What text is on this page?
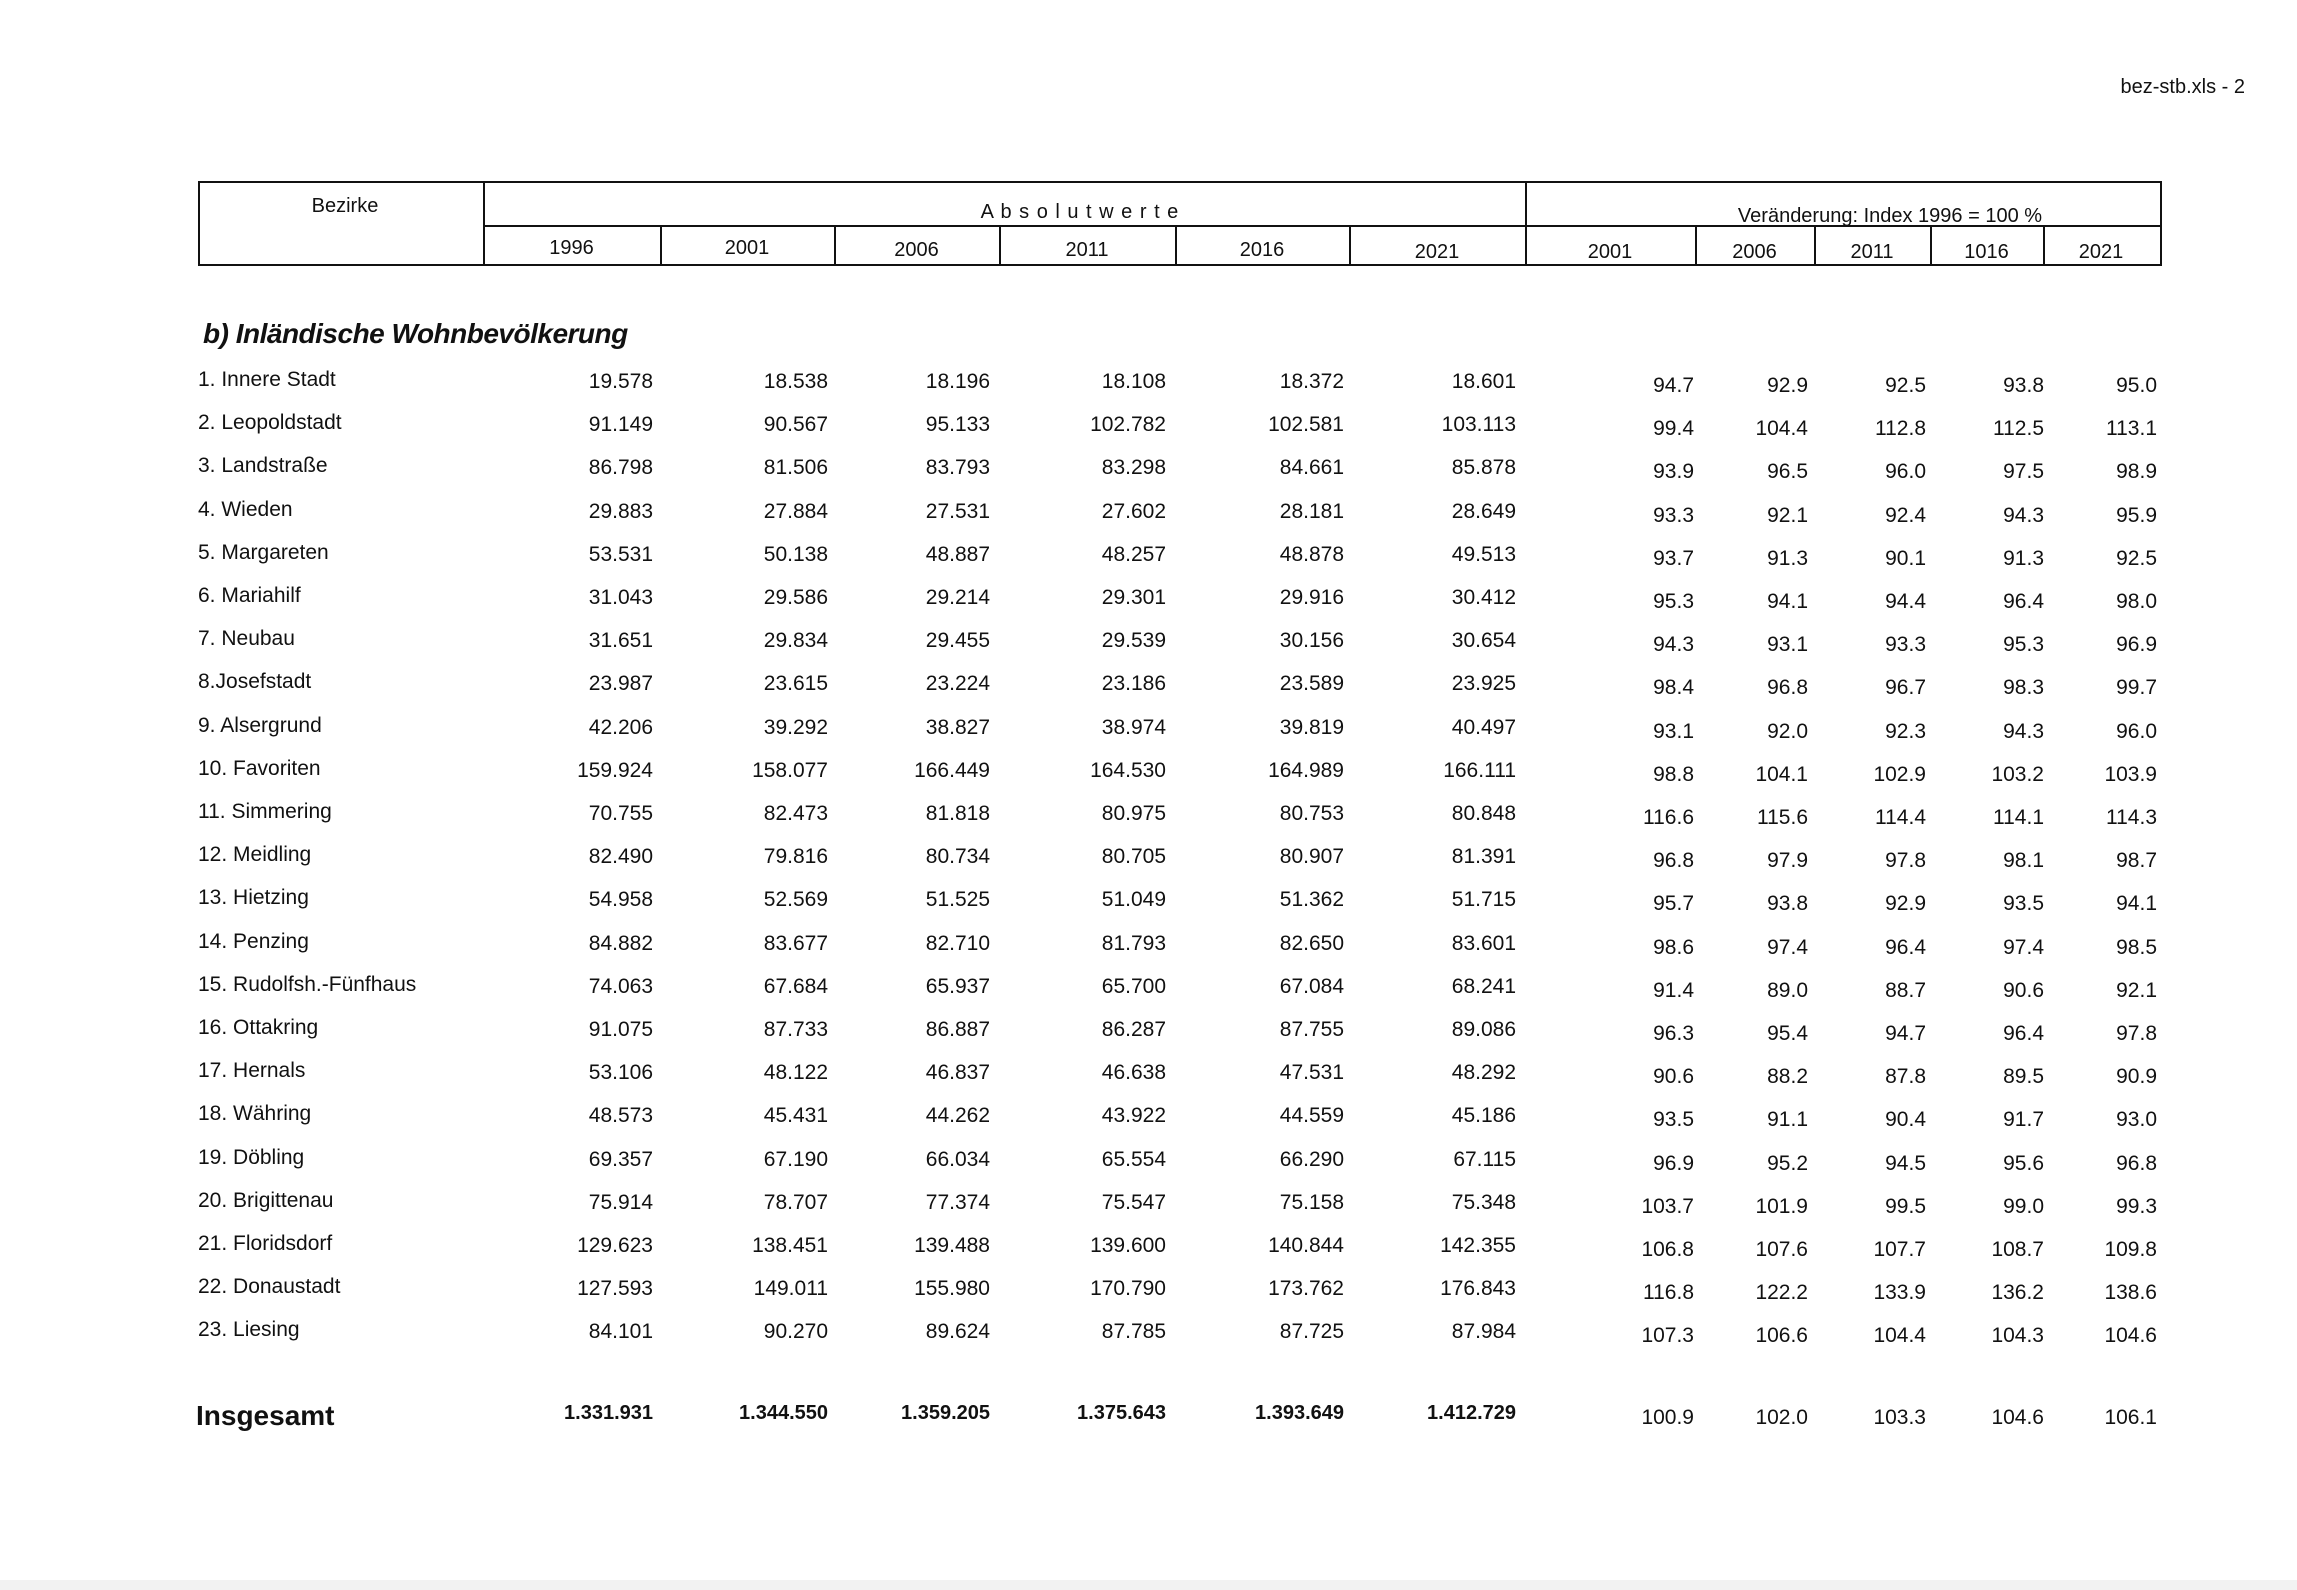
bez-stb.xls - 2
Bezirke	A b s o l u t w e r t e	Veränderung: Index 1996 = 100 %
1996	2001	2006	2011	2016	2021	2001	2006	2011	1016	2021
b) Inländische Wohnbevölkerung
1. Innere Stadt	19.578	18.538	18.196	18.108	18.372	18.601	94.7	92.9	92.5	93.8	95.0
2. Leopoldstadt	91.149	90.567	95.133	102.782	102.581	103.113	99.4	104.4	112.8	112.5	113.1
3. Landstraße	86.798	81.506	83.793	83.298	84.661	85.878	93.9	96.5	96.0	97.5	98.9
4. Wieden	29.883	27.884	27.531	27.602	28.181	28.649	93.3	92.1	92.4	94.3	95.9
5. Margareten	53.531	50.138	48.887	48.257	48.878	49.513	93.7	91.3	90.1	91.3	92.5
6. Mariahilf	31.043	29.586	29.214	29.301	29.916	30.412	95.3	94.1	94.4	96.4	98.0
7. Neubau	31.651	29.834	29.455	29.539	30.156	30.654	94.3	93.1	93.3	95.3	96.9
8.Josefstadt	23.987	23.615	23.224	23.186	23.589	23.925	98.4	96.8	96.7	98.3	99.7
9. Alsergrund	42.206	39.292	38.827	38.974	39.819	40.497	93.1	92.0	92.3	94.3	96.0
10. Favoriten	159.924	158.077	166.449	164.530	164.989	166.111	98.8	104.1	102.9	103.2	103.9
11. Simmering	70.755	82.473	81.818	80.975	80.753	80.848	116.6	115.6	114.4	114.1	114.3
12. Meidling	82.490	79.816	80.734	80.705	80.907	81.391	96.8	97.9	97.8	98.1	98.7
13. Hietzing	54.958	52.569	51.525	51.049	51.362	51.715	95.7	93.8	92.9	93.5	94.1
14. Penzing	84.882	83.677	82.710	81.793	82.650	83.601	98.6	97.4	96.4	97.4	98.5
15. Rudolfsh.-Fünfhaus	74.063	67.684	65.937	65.700	67.084	68.241	91.4	89.0	88.7	90.6	92.1
16. Ottakring	91.075	87.733	86.887	86.287	87.755	89.086	96.3	95.4	94.7	96.4	97.8
17. Hernals	53.106	48.122	46.837	46.638	47.531	48.292	90.6	88.2	87.8	89.5	90.9
18. Währing	48.573	45.431	44.262	43.922	44.559	45.186	93.5	91.1	90.4	91.7	93.0
19. Döbling	69.357	67.190	66.034	65.554	66.290	67.115	96.9	95.2	94.5	95.6	96.8
20. Brigittenau	75.914	78.707	77.374	75.547	75.158	75.348	103.7	101.9	99.5	99.0	99.3
21. Floridsdorf	129.623	138.451	139.488	139.600	140.844	142.355	106.8	107.6	107.7	108.7	109.8
22. Donaustadt	127.593	149.011	155.980	170.790	173.762	176.843	116.8	122.2	133.9	136.2	138.6
23. Liesing	84.101	90.270	89.624	87.785	87.725	87.984	107.3	106.6	104.4	104.3	104.6
Insgesamt	1.331.931	1.344.550	1.359.205	1.375.643	1.393.649	1.412.729	100.9	102.0	103.3	104.6	106.1
